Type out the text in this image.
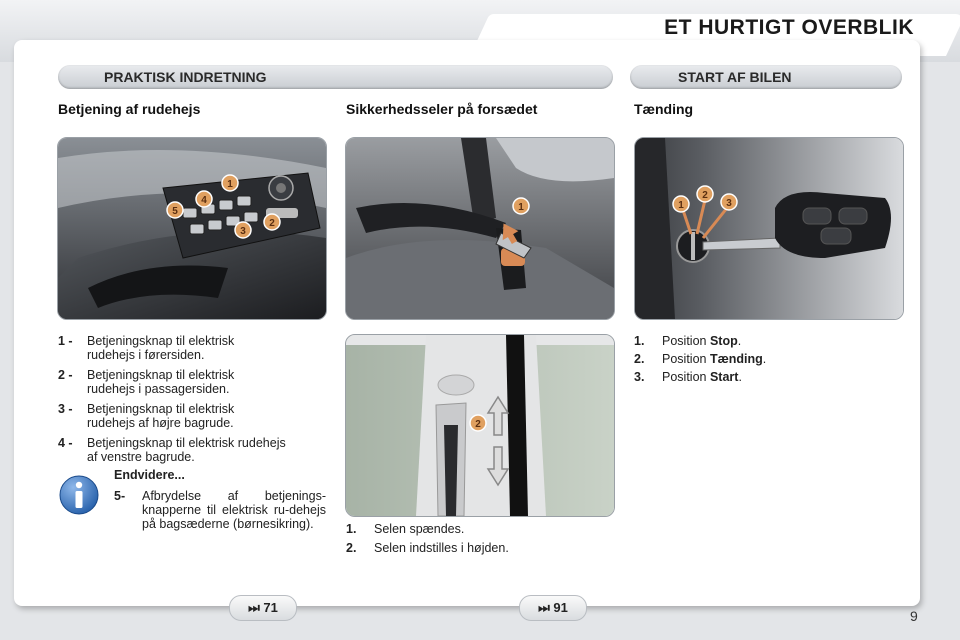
ET HURTIGT OVERBLIK
PRAKTISK INDRETNING	START AF BILEN
Betjening af rudehejs	Sikkerhedsseler på forsædet	Tænding
1
2
3
4
5	1	1
2
3
2
1 -	Betjeningsknap til elektrisk rudehejs i førersiden.
2 -	Betjeningsknap til elektrisk rudehejs i passagersiden.
3 -	Betjeningsknap til elektrisk rudehejs af højre bagrude.
4 -	Betjeningsknap til elektrisk rudehejs af venstre bagrude.
Endvidere...
5- Afbrydelse af betjenings-knapperne til elektrisk ru-dehejs på bagsæderne (børnesikring).	1.	Selen spændes.
2.	Selen indstilles i højden.
1.	Position Stop.
2.	Position Tænding.
3.	Position Start.
⏭ 71	⏭ 91
9
